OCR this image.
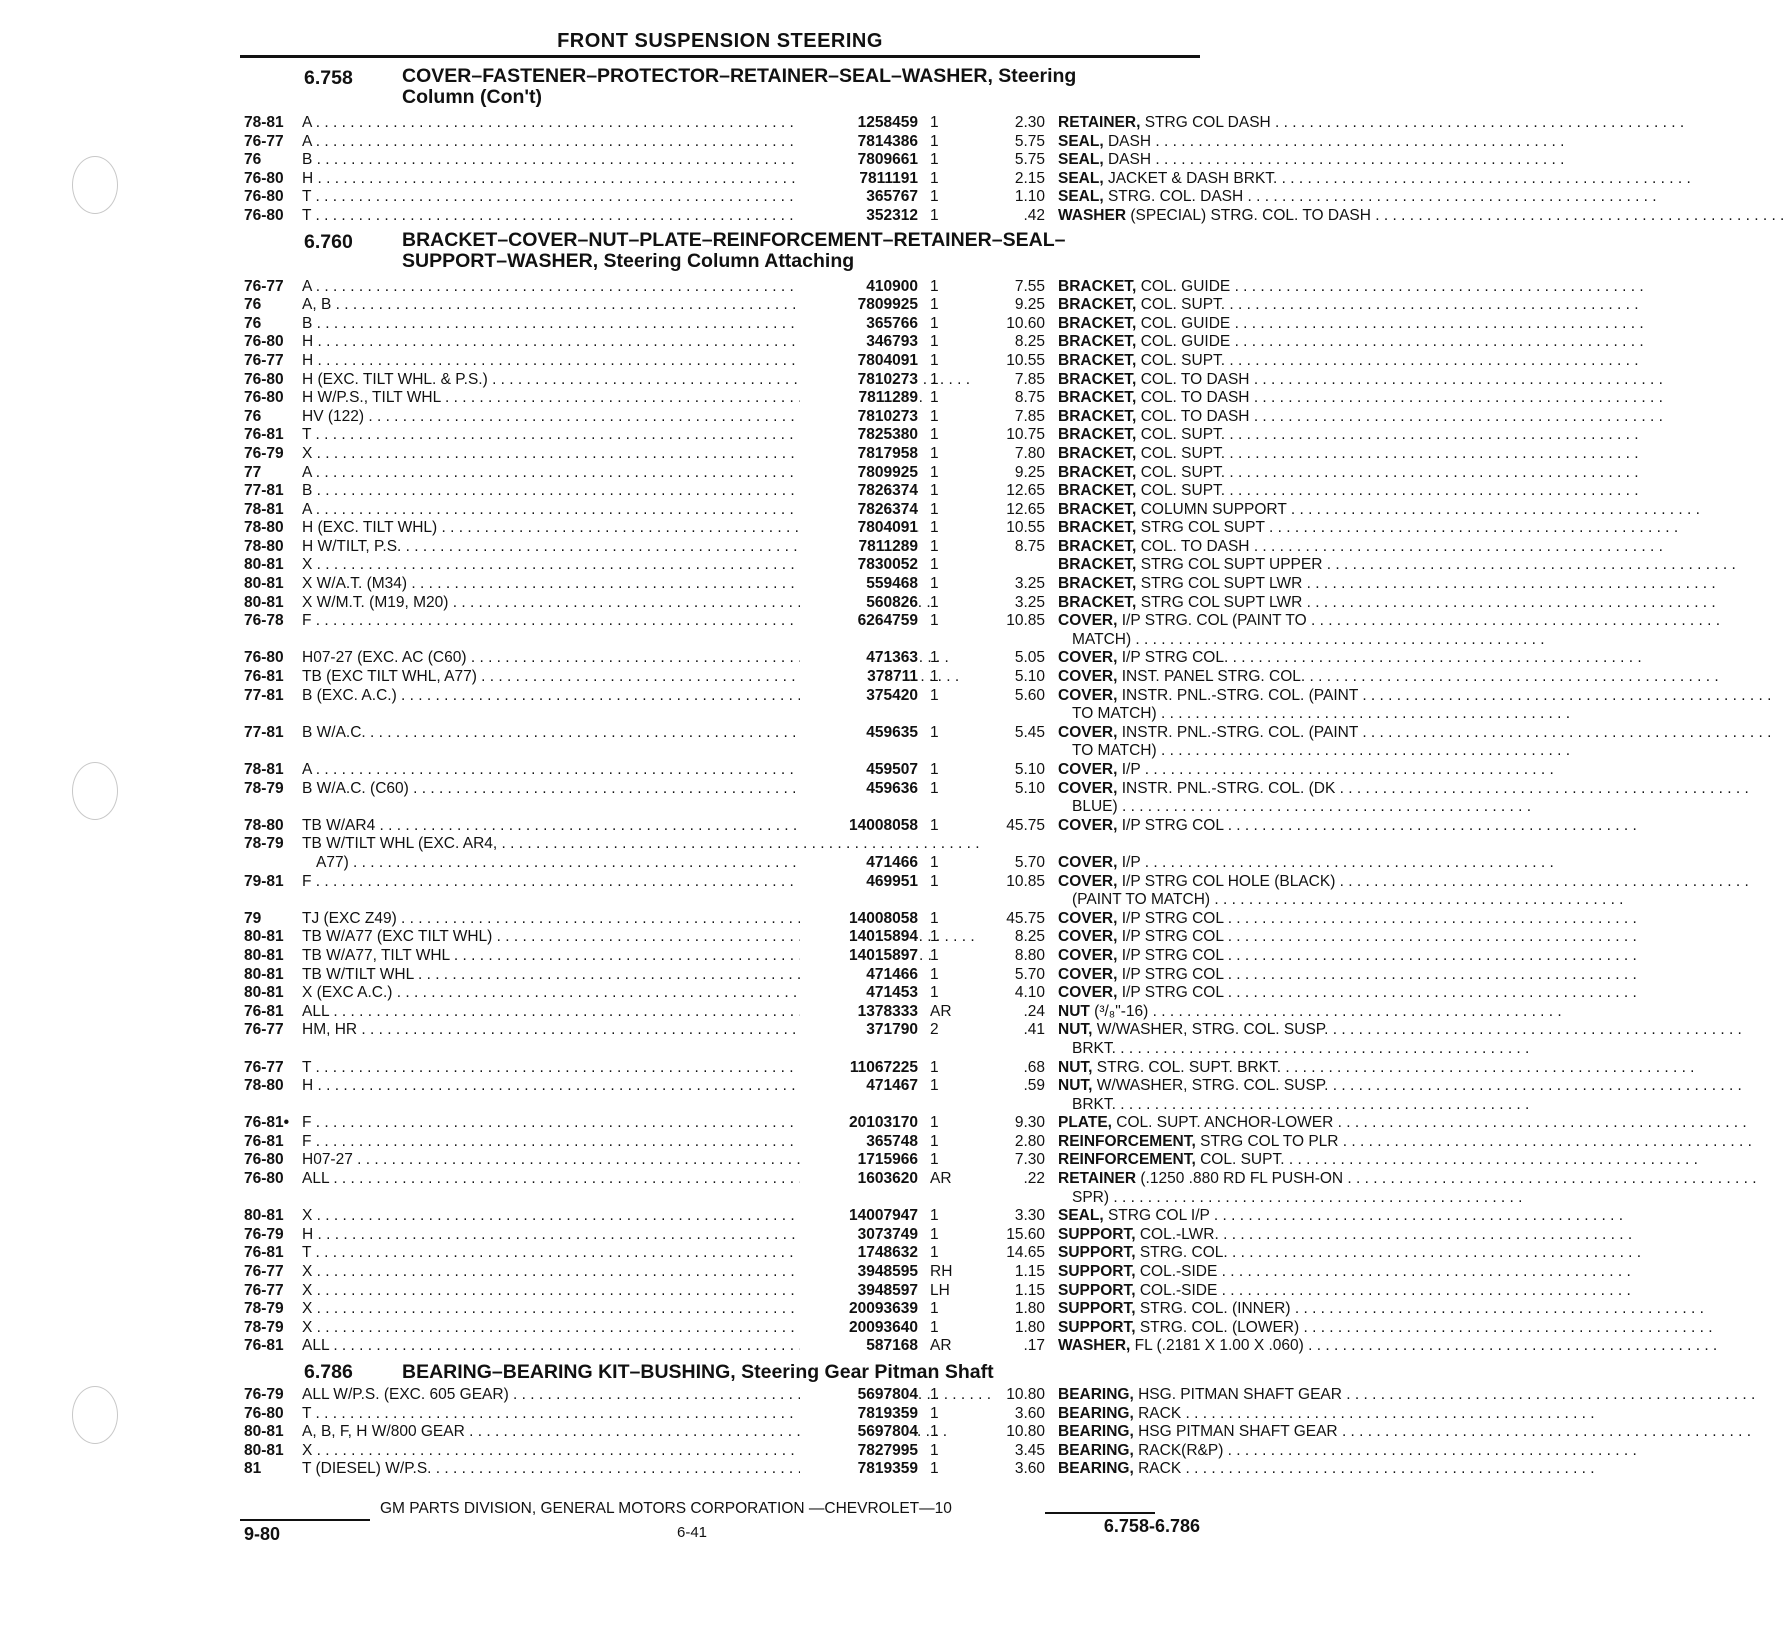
FRONT SUSPENSION STEERING
6.758	COVER–FASTENER–PROTECTOR–RETAINER–SEAL–WASHER, Steering
Column (Con't)
78-81	A . . .	1258459 1	2.30 RETAINER, STRG COL DASH . . .
76-77	A . . .	7814386 1	5.75 SEAL, DASH . . .
76	B . . .	7809661 1	5.75 SEAL, DASH . . .
76-80	H . . .	7811191 1	2.15 SEAL, JACKET & DASH BRKT. . . .
76-80	T . . .	365767 1	1.10 SEAL, STRG. COL. DASH . . .
76-80	T . . .	352312 1	.42 WASHER (SPECIAL) STRG. COL. TO DASH . . .
6.760	BRACKET–COVER–NUT–PLATE–REINFORCEMENT–RETAINER–SEAL–
SUPPORT–WASHER, Steering Column Attaching
76-77	A . . .	410900 1	7.55 BRACKET, COL. GUIDE . . .
76	A, B . . .	7809925 1	9.25 BRACKET, COL. SUPT. . . .
76	B . . .	365766 1	10.60 BRACKET, COL. GUIDE . . .
76-80	H . . .	346793 1	8.25 BRACKET, COL. GUIDE . . .
76-77	H . . .	7804091 1	10.55 BRACKET, COL. SUPT. . . .
76-80	H (EXC. TILT WHL. & P.S.) . . .	7810273 1	7.85 BRACKET, COL. TO DASH . . .
76-80	H W/P.S., TILT WHL . . .	7811289 1	8.75 BRACKET, COL. TO DASH . . .
76	HV (122) . . .	7810273 1	7.85 BRACKET, COL. TO DASH . . .
76-81	T . . .	7825380 1	10.75 BRACKET, COL. SUPT. . . .
76-79	X . . .	7817958 1	7.80 BRACKET, COL. SUPT. . . .
77	A . . .	7809925 1	9.25 BRACKET, COL. SUPT. . . .
77-81	B . . .	7826374 1	12.65 BRACKET, COL. SUPT. . . .
78-81	A . . .	7826374 1	12.65 BRACKET, COLUMN SUPPORT . . .
78-80	H (EXC. TILT WHL) . . .	7804091 1	10.55 BRACKET, STRG COL SUPT . . .
78-80	H W/TILT, P.S. . . .	7811289 1	8.75 BRACKET, COL. TO DASH . . .
80-81	X . . .	7830052 1	BRACKET, STRG COL SUPT UPPER . . .
80-81	X W/A.T. (M34) . . .	559468 1	3.25 BRACKET, STRG COL SUPT LWR . . .
80-81	X W/M.T. (M19, M20) . . .	560826 1	3.25 BRACKET, STRG COL SUPT LWR . . .
76-78	F . . .	6264759 1	10.85 COVER, I/P STRG. COL (PAINT TO . . .
MATCH) . . .
76-80	H07-27 (EXC. AC (C60) . . .	471363 1	5.05 COVER, I/P STRG COL. . . .
76-81	TB (EXC TILT WHL, A77) . . .	378711 1	5.10 COVER, INST. PANEL STRG. COL. . . .
77-81	B (EXC. A.C.) . . .	375420 1	5.60 COVER, INSTR. PNL.-STRG. COL. (PAINT . . .
TO MATCH) . . .
77-81	B W/A.C. . . .	459635 1	5.45 COVER, INSTR. PNL.-STRG. COL. (PAINT . . .
TO MATCH) . . .
78-81	A . . .	459507 1	5.10 COVER, I/P . . .
78-79	B W/A.C. (C60) . . .	459636 1	5.10 COVER, INSTR. PNL.-STRG. COL. (DK . . .
BLUE) . . .
78-80	TB W/AR4 . . .	14008058 1	45.75 COVER, I/P STRG COL . . .
78-79	TB W/TILT WHL (EXC. AR4, . . .
A77) . . .	471466 1	5.70 COVER, I/P . . .
79-81	F . . .	469951 1	10.85 COVER, I/P STRG COL HOLE (BLACK) . . .
(PAINT TO MATCH) . . .
79	TJ (EXC Z49) . . .	14008058 1	45.75 COVER, I/P STRG COL . . .
80-81	TB W/A77 (EXC TILT WHL) . . .	14015894 1	8.25 COVER, I/P STRG COL . . .
80-81	TB W/A77, TILT WHL . . .	14015897 1	8.80 COVER, I/P STRG COL . . .
80-81	TB W/TILT WHL . . .	471466 1	5.70 COVER, I/P STRG COL . . .
80-81	X (EXC A.C.) . . .	471453 1	4.10 COVER, I/P STRG COL . . .
76-81	ALL . . .	1378333 AR	.24 NUT (³/₈"-16) . . .
76-77	HM, HR . . .	371790 2	.41 NUT, W/WASHER, STRG. COL. SUSP. . . .
BRKT. . . .
76-77	T . . .	11067225 1	.68 NUT, STRG. COL. SUPT. BRKT. . . .
78-80	H . . .	471467 1	.59 NUT, W/WASHER, STRG. COL. SUSP. . . .
BRKT. . . .
76-81• F . . .	20103170 1	9.30 PLATE, COL. SUPT. ANCHOR-LOWER . . .
76-81	F . . .	365748 1	2.80 REINFORCEMENT, STRG COL TO PLR . . .
76-80	H07-27 . . .	1715966 1	7.30 REINFORCEMENT, COL. SUPT. . . .
76-80	ALL . . .	1603620 AR	.22 RETAINER (.1250 .880 RD FL PUSH-ON . . .
SPR) . . .
80-81	X . . .	14007947 1	3.30 SEAL, STRG COL I/P . . .
76-79	H . . .	3073749 1	15.60 SUPPORT, COL.-LWR. . . .
76-81	T . . .	1748632 1	14.65 SUPPORT, STRG. COL. . . .
76-77	X . . .	3948595 RH	1.15 SUPPORT, COL.-SIDE . . .
76-77	X . . .	3948597 LH	1.15 SUPPORT, COL.-SIDE . . .
78-79	X . . .	20093639 1	1.80 SUPPORT, STRG. COL. (INNER) . . .
78-79	X . . .	20093640 1	1.80 SUPPORT, STRG. COL. (LOWER) . . .
76-81	ALL . . .	587168 AR	.17 WASHER, FL (.2181 X 1.00 X .060) . . .
6.786	BEARING–BEARING KIT–BUSHING, Steering Gear Pitman Shaft
76-79	ALL W/P.S. (EXC. 605 GEAR) . . .	5697804 1	10.80 BEARING, HSG. PITMAN SHAFT GEAR . . .
76-80	T . . .	7819359 1	3.60 BEARING, RACK . . .
80-81	A, B, F, H W/800 GEAR . . .	5697804 1	10.80 BEARING, HSG PITMAN SHAFT GEAR . . .
80-81	X . . .	7827995 1	3.45 BEARING, RACK(R&P) . . .
81	T (DIESEL) W/P.S. . . .	7819359 1	3.60 BEARING, RACK . . .
GM PARTS DIVISION, GENERAL MOTORS CORPORATION —CHEVROLET—10
9-80	6-41	6.758-6.786
